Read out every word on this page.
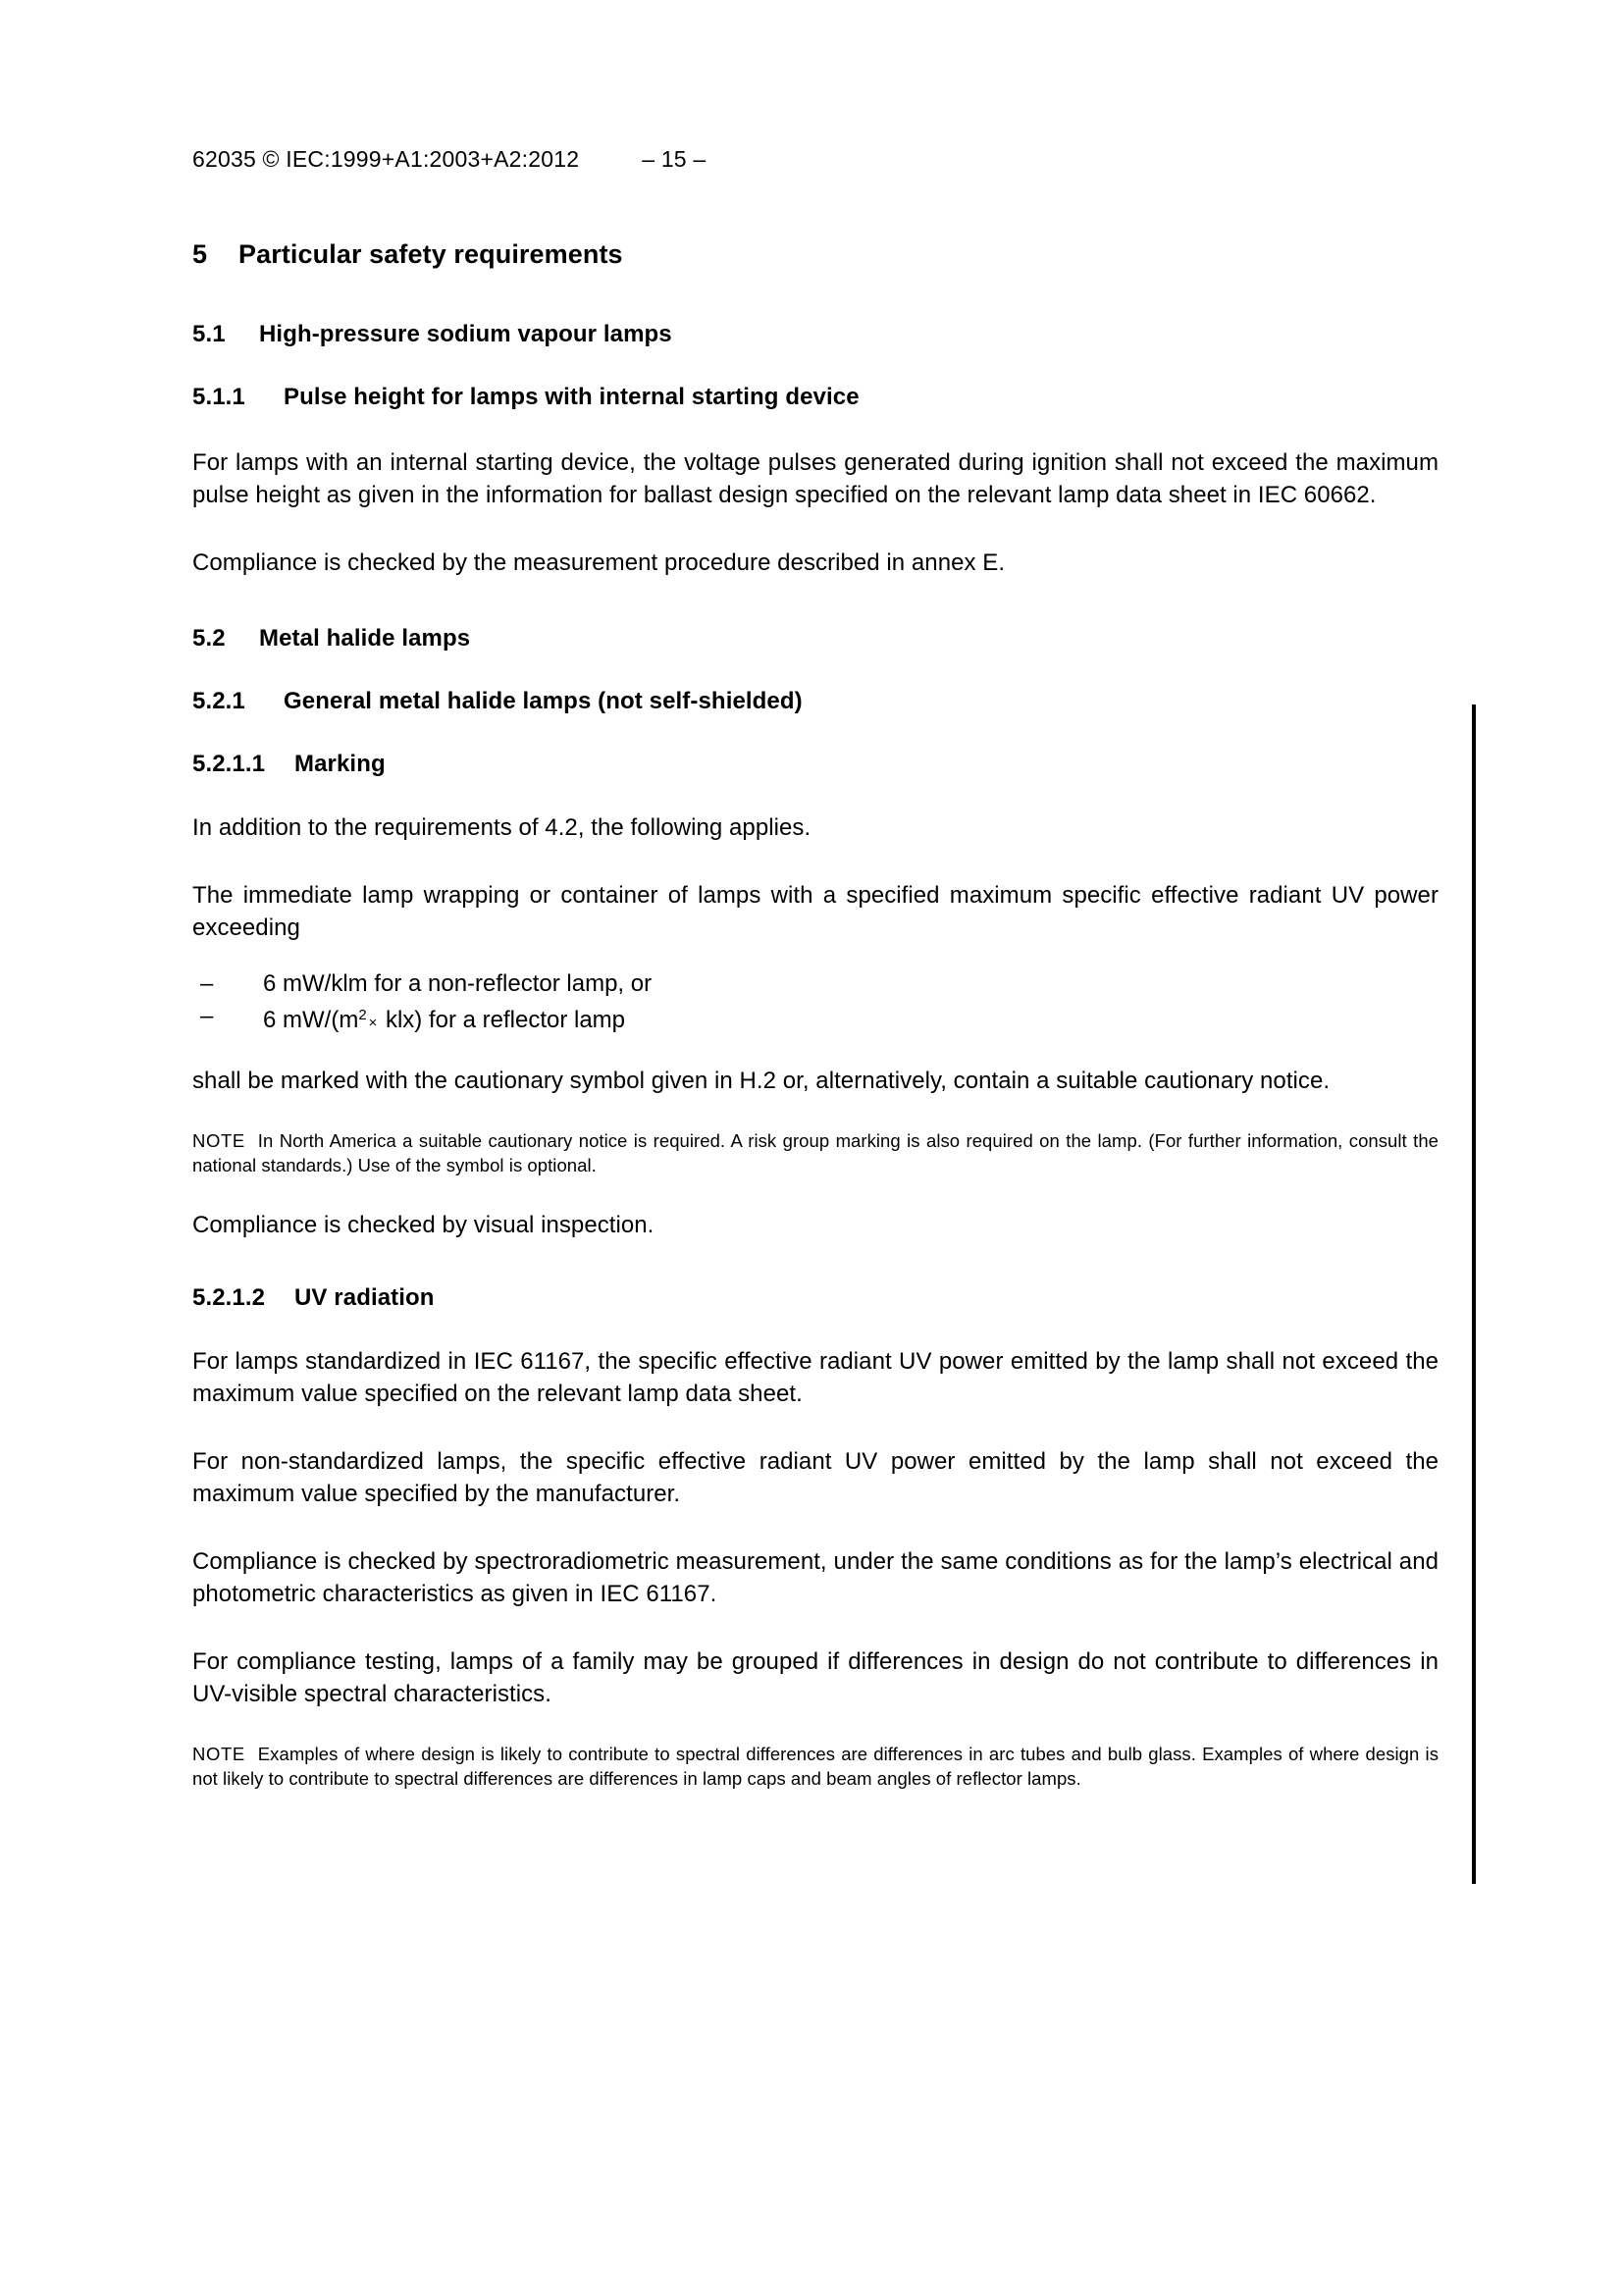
62035 © IEC:1999+A1:2003+A2:2012	– 15 –
5 Particular safety requirements
5.1 High-pressure sodium vapour lamps
5.1.1 Pulse height for lamps with internal starting device

For lamps with an internal starting device, the voltage pulses generated during ignition shall not exceed the maximum pulse height as given in the information for ballast design specified on the relevant lamp data sheet in IEC 60662.

Compliance is checked by the measurement procedure described in annex E.

5.2 Metal halide lamps
5.2.1 General metal halide lamps (not self-shielded)
5.2.1.1 Marking

In addition to the requirements of 4.2, the following applies.

The immediate lamp wrapping or container of lamps with a specified maximum specific effective radiant UV power exceeding

– 6 mW/klm for a non-reflector lamp, or
– 6 $mW/(m^2 \times klx)$ for a reflector lamp

shall be marked with the cautionary symbol given in H.2 or, alternatively, contain a suitable cautionary notice.

NOTE In North America a suitable cautionary notice is required. A risk group marking is also required on the lamp. (For further information, consult the national standards.) Use of the symbol is optional.

Compliance is checked by visual inspection.

5.2.1.2 UV radiation

For lamps standardized in IEC 61167, the specific effective radiant UV power emitted by the lamp shall not exceed the maximum value specified on the relevant lamp data sheet.

For non-standardized lamps, the specific effective radiant UV power emitted by the lamp shall not exceed the maximum value specified by the manufacturer.

Compliance is checked by spectroradiometric measurement, under the same conditions as for the lamp’s electrical and photometric characteristics as given in IEC 61167.

For compliance testing, lamps of a family may be grouped if differences in design do not contribute to differences in UV-visible spectral characteristics.

NOTE Examples of where design is likely to contribute to spectral differences are differences in arc tubes and bulb glass. Examples of where design is not likely to contribute to spectral differences are differences in lamp caps and beam angles of reflector lamps.
